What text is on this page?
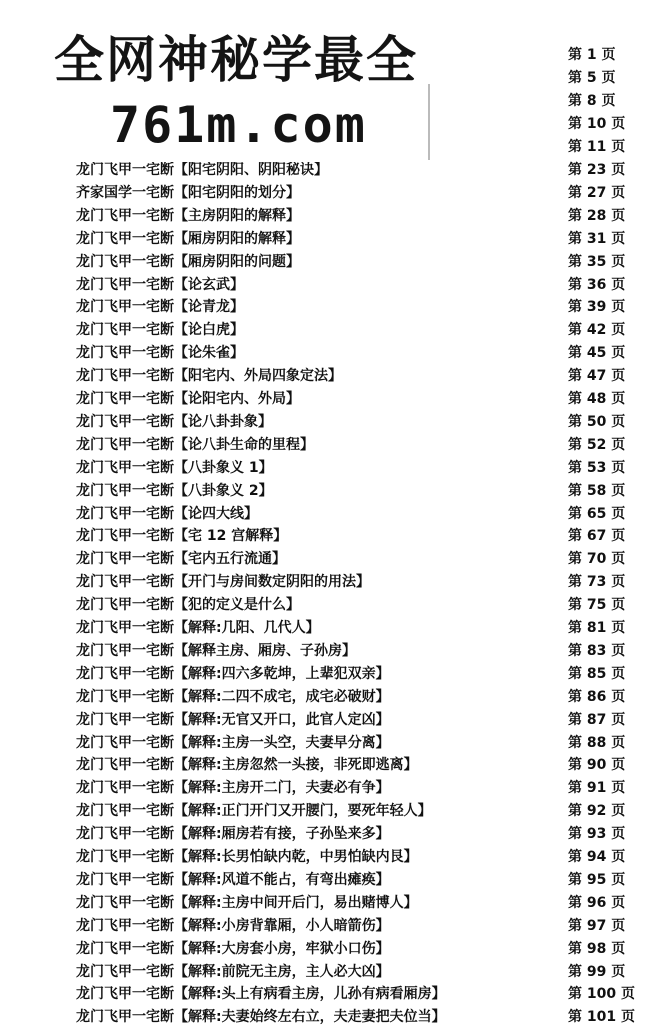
全网神秘学最全
761m.com
第 1 页
第 5 页
第 8 页
第 10 页
第 11 页
龙门飞甲一宅断【阳宅阴阳、阴阳秘诀】	第 23 页
齐家国学一宅断【阳宅阴阳的划分】	第 27 页
龙门飞甲一宅断【主房阴阳的解释】	第 28 页
龙门飞甲一宅断【厢房阴阳的解释】	第 31 页
龙门飞甲一宅断【厢房阴阳的问题】	第 35 页
龙门飞甲一宅断【论玄武】	第 36 页
龙门飞甲一宅断【论青龙】	第 39 页
龙门飞甲一宅断【论白虎】	第 42 页
龙门飞甲一宅断【论朱雀】	第 45 页
龙门飞甲一宅断【阳宅内、外局四象定法】	第 47 页
龙门飞甲一宅断【论阳宅内、外局】	第 48 页
龙门飞甲一宅断【论八卦卦象】	第 50 页
龙门飞甲一宅断【论八卦生命的里程】	第 52 页
龙门飞甲一宅断【八卦象义 1】	第 53 页
龙门飞甲一宅断【八卦象义 2】	第 58 页
龙门飞甲一宅断【论四大线】	第 65 页
龙门飞甲一宅断【宅 12 宫解释】	第 67 页
龙门飞甲一宅断【宅内五行流通】	第 70 页
龙门飞甲一宅断【开门与房间数定阴阳的用法】	第 73 页
龙门飞甲一宅断【犯的定义是什么】	第 75 页
龙门飞甲一宅断【解释:几阳、几代人】	第 81 页
龙门飞甲一宅断【解释主房、厢房、子孙房】	第 83 页
龙门飞甲一宅断【解释:四六多乾坤，上辈犯双亲】	第 85 页
龙门飞甲一宅断【解释:二四不成宅，成宅必破财】	第 86 页
龙门飞甲一宅断【解释:无官又开口，此官人定凶】	第 87 页
龙门飞甲一宅断【解释:主房一头空，夫妻早分离】	第 88 页
龙门飞甲一宅断【解释:主房忽然一头接，非死即逃离】	第 90 页
龙门飞甲一宅断【解释:主房开二门，夫妻必有争】	第 91 页
龙门飞甲一宅断【解释:正门开门又开腰门，要死年轻人】	第 92 页
龙门飞甲一宅断【解释:厢房若有接，子孙坠来多】	第 93 页
龙门飞甲一宅断【解释:长男怕缺内乾，中男怕缺内艮】	第 94 页
龙门飞甲一宅断【解释:风道不能占，有弯出瘫痪】	第 95 页
龙门飞甲一宅断【解释:主房中间开后门，易出赌博人】	第 96 页
龙门飞甲一宅断【解释:小房背靠厢，小人暗箭伤】	第 97 页
龙门飞甲一宅断【解释:大房套小房，牢狱小口伤】	第 98 页
龙门飞甲一宅断【解释:前院无主房，主人必大凶】	第 99 页
龙门飞甲一宅断【解释:头上有病看主房，儿孙有病看厢房】	第 100 页
龙门飞甲一宅断【解释:夫妻始终左右立，夫走妻把夫位当】	第 101 页
